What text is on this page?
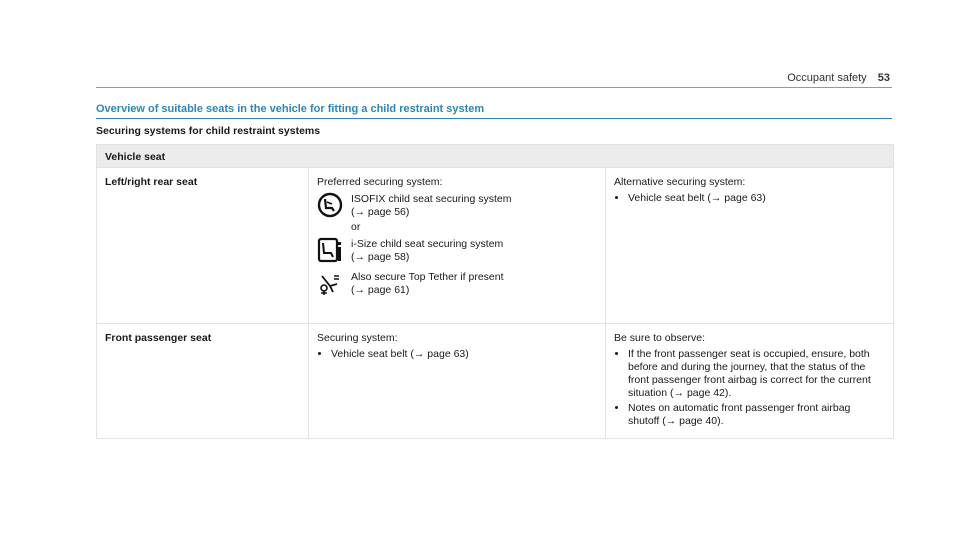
Occupant safety 53
Overview of suitable seats in the vehicle for fitting a child restraint system
Securing systems for child restraint systems
Vehicle seat
Left/right rear seat	Preferred securing system:
ISOFIX child seat securing system
(→ page 56)
or
i-Size child seat securing system
(→ page 58)
Also secure Top Tether if present
(→ page 61)
Alternative securing system:
• Vehicle seat belt (→ page 63)
Front passenger seat	Securing system:
• Vehicle seat belt (→ page 63)
Be sure to observe:
• If the front passenger seat is occupied, ensure, both before and during the journey, that the status of the front passenger front airbag is correct for the current situation (→ page 42).
• Notes on automatic front passenger front airbag shutoff (→ page 40).
